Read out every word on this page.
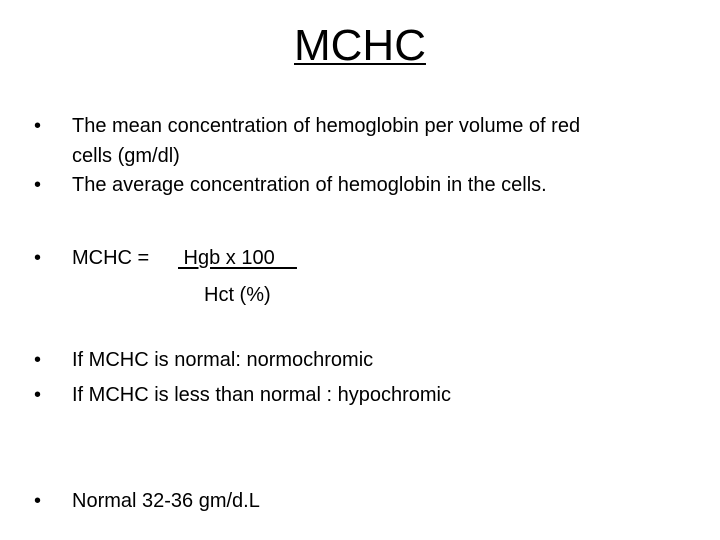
MCHC
• The mean concentration of hemoglobin per volume of red
cells (gm/dl)
• The average concentration of hemoglobin in the cells.
• MCHC = Hgb x 100
Hct (%)
• If MCHC is normal: normochromic
• If MCHC is less than normal : hypochromic
• Normal 32-36 gm/d.L
